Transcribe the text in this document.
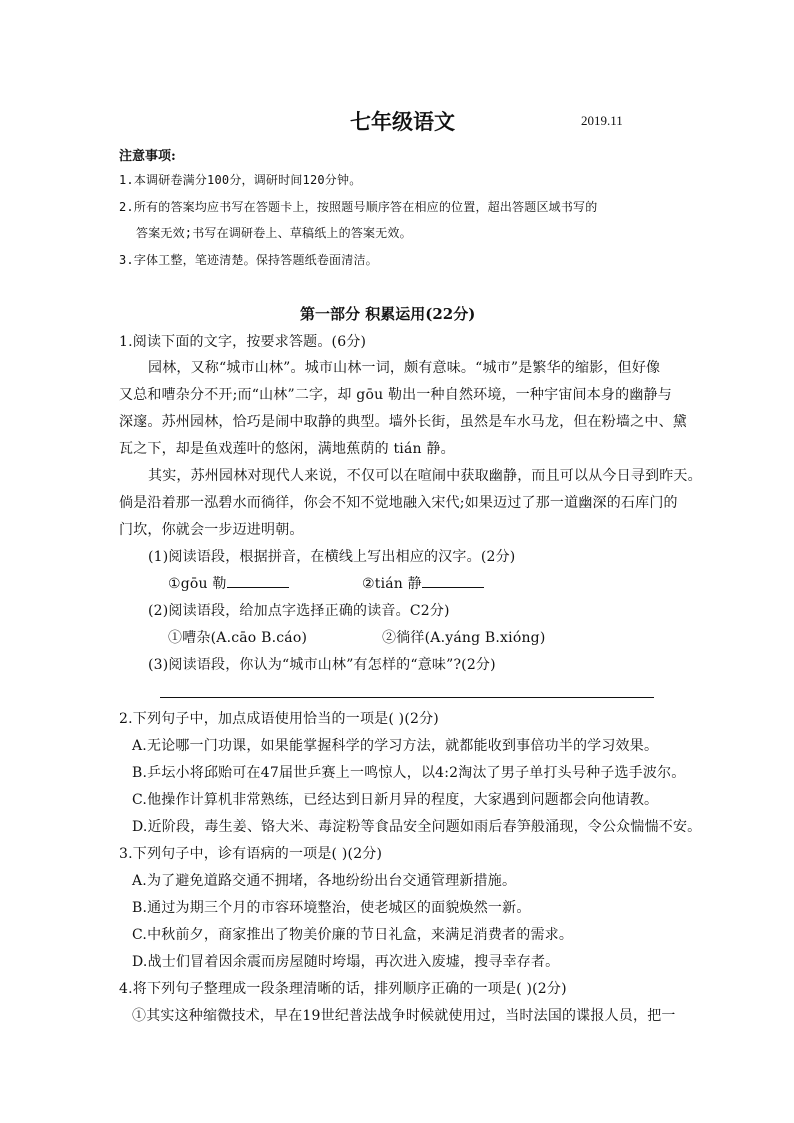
七年级语文	2019.11
注意事项:
1.本调研卷满分100分，调研时间120分钟。
2.所有的答案均应书写在答题卡上，按照题号顺序答在相应的位置，超出答题区域书写的
答案无效;书写在调研卷上、草稿纸上的答案无效。
3.字体工整，笔迹清楚。保持答题纸卷面清洁。
第一部分 积累运用(22分)
1.阅读下面的文字，按要求答题。(6分)
园林，又称“城市山林”。城市山林一词，颇有意味。“城市”是繁华的缩影，但好像
又总和嘈杂分不开;而“山林”二字，却 gōu 勒出一种自然环境，一种宇宙间本身的幽静与
深邃。苏州园林，恰巧是闹中取静的典型。墙外长街，虽然是车水马龙，但在粉墙之中、黛
瓦之下，却是鱼戏莲叶的悠闲，满地蕉荫的 tián 静。
其实，苏州园林对现代人来说，不仅可以在喧闹中获取幽静，而且可以从今日寻到昨天。
倘是沿着那一泓碧水而徜徉，你会不知不觉地融入宋代;如果迈过了那一道幽深的石库门的
门坎，你就会一步迈进明朝。
(1)阅读语段，根据拼音，在横线上写出相应的汉字。(2分)
①gōu 勒	②tián 静
(2)阅读语段，给加点字选择正确的读音。C2分)
①嘈杂(A.cāo B.cáo)	②徜徉(A.yáng B.xióng)
(3)阅读语段，你认为“城市山林”有怎样的“意味”?(2分)
2.下列句子中，加点成语使用恰当的一项是( )(2分)
A.无论哪一门功课，如果能掌握科学的学习方法，就都能收到事倍功半的学习效果。
B.乒坛小将邱贻可在47届世乒赛上一鸣惊人，以4:2淘汰了男子单打头号种子选手波尔。
C.他操作计算机非常熟练，已经达到日新月异的程度，大家遇到问题都会向他请教。
D.近阶段，毒生姜、铬大米、毒淀粉等食品安全问题如雨后春笋般涌现，令公众惴惴不安。
3.下列句子中，诊有语病的一项是( )(2分)
A.为了避免道路交通不拥堵，各地纷纷出台交通管理新措施。
B.通过为期三个月的市容环境整治，使老城区的面貌焕然一新。
C.中秋前夕，商家推出了物美价廉的节日礼盒，来满足消费者的需求。
D.战士们冒着因余震而房屋随时垮塌，再次进入废墟，搜寻幸存者。
4.将下列句子整理成一段条理清晰的话，排列顺序正确的一项是( )(2分)
①其实这种缩微技术，早在19世纪普法战争时候就使用过，当时法国的谍报人员，把一
